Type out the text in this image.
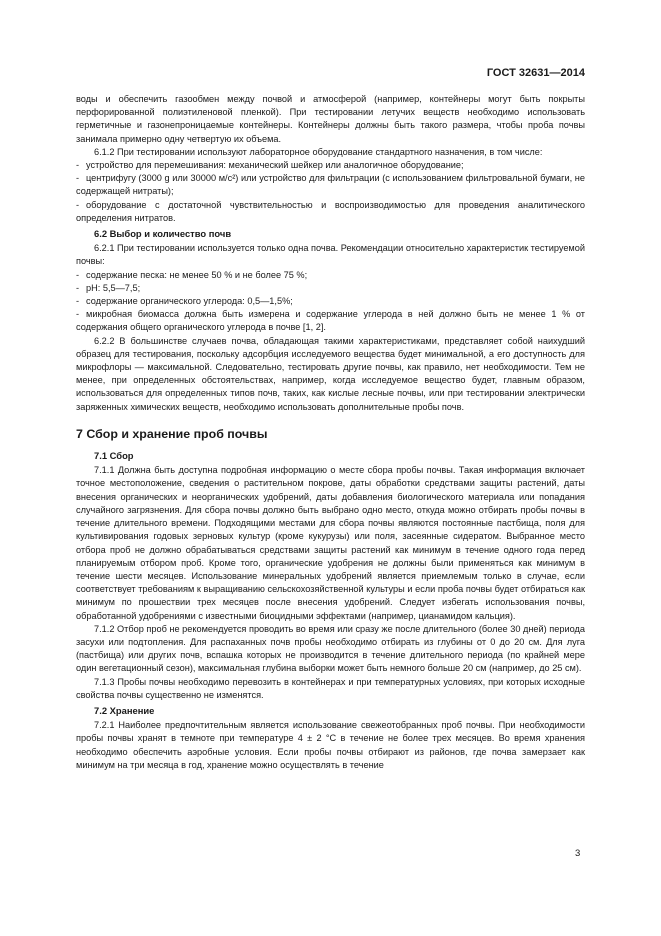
ГОСТ 32631—2014
воды и обеспечить газообмен между почвой и атмосферой (например, контейнеры могут быть покрыты перфорированной полиэтиленовой пленкой). При тестировании летучих веществ необходимо использовать герметичные и газонепроницаемые контейнеры. Контейнеры должны быть такого размера, чтобы проба почвы занимала примерно одну четвертую их объема.
6.1.2 При тестировании используют лабораторное оборудование стандартного назначения, в том числе:
- устройство для перемешивания: механический шейкер или аналогичное оборудование;
- центрифугу (3000 g или 30000 м/с²) или устройство для фильтрации (с использованием фильтровальной бумаги, не содержащей нитраты);
- оборудование с достаточной чувствительностью и воспроизводимостью для проведения аналитического определения нитратов.
6.2 Выбор и количество почв
6.2.1 При тестировании используется только одна почва. Рекомендации относительно характеристик тестируемой почвы:
- содержание песка: не менее 50 % и не более 75 %;
- pH: 5,5—7,5;
- содержание органического углерода: 0,5—1,5%;
- микробная биомасса должна быть измерена и содержание углерода в ней должно быть не менее 1 % от содержания общего органического углерода в почве [1, 2].
6.2.2 В большинстве случаев почва, обладающая такими характеристиками, представляет собой наихудший образец для тестирования, поскольку адсорбция исследуемого вещества будет минимальной, а его доступность для микрофлоры — максимальной. Следовательно, тестировать другие почвы, как правило, нет необходимости. Тем не менее, при определенных обстоятельствах, например, когда исследуемое вещество будет, главным образом, использоваться для определенных типов почв, таких, как кислые лесные почвы, или при тестировании электрически заряженных химических веществ, необходимо использовать дополнительные пробы почв.
7 Сбор и хранение проб почвы
7.1 Сбор
7.1.1 Должна быть доступна подробная информацию о месте сбора пробы почвы. Такая информация включает точное местоположение, сведения о растительном покрове, даты обработки средствами защиты растений, даты внесения органических и неорганических удобрений, даты добавления биологического материала или попадания случайного загрязнения. Для сбора почвы должно быть выбрано одно место, откуда можно отбирать пробы почвы в течение длительного времени. Подходящими местами для сбора почвы являются постоянные пастбища, поля для культивирования годовых зерновых культур (кроме кукурузы) или поля, засеянные сидератом. Выбранное место отбора проб не должно обрабатываться средствами защиты растений как минимум в течение одного года перед планируемым отбором проб. Кроме того, органические удобрения не должны были применяться как минимум в течение шести месяцев. Использование минеральных удобрений является приемлемым только в случае, если соответствует требованиям к выращиванию сельскохозяйственной культуры и если проба почвы будет отбираться как минимум по прошествии трех месяцев после внесения удобрений. Следует избегать использования почвы, обработанной удобрениями с известными биоцидными эффектами (например, цианамидом кальция).
7.1.2 Отбор проб не рекомендуется проводить во время или сразу же после длительного (более 30 дней) периода засухи или подтопления. Для распаханных почв пробы необходимо отбирать из глубины от 0 до 20 см. Для луга (пастбища) или других почв, вспашка которых не производится в течение длительного периода (по крайней мере один вегетационный сезон), максимальная глубина выборки может быть немного больше 20 см (например, до 25 см).
7.1.3 Пробы почвы необходимо перевозить в контейнерах и при температурных условиях, при которых исходные свойства почвы существенно не изменятся.
7.2 Хранение
7.2.1 Наиболее предпочтительным является использование свежеотобранных проб почвы. При необходимости пробы почвы хранят в темноте при температуре 4 ± 2 °С в течение не более трех месяцев. Во время хранения необходимо обеспечить аэробные условия. Если пробы почвы отбирают из районов, где почва замерзает как минимум на три месяца в год, хранение можно осуществлять в течение
3
